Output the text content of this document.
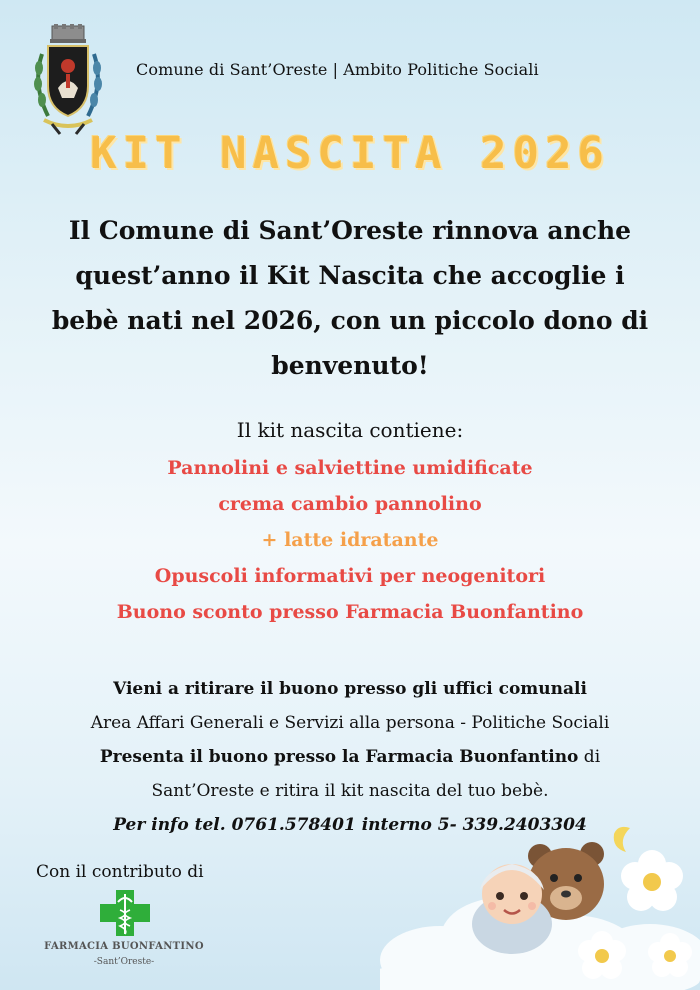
Comune di Sant’Oreste | Ambito Politiche Sociali
KIT NASCITA 2026
Il Comune di Sant’Oreste rinnova anche
quest’anno il Kit Nascita che accoglie i
bebè nati nel 2026, con un piccolo dono di
benvenuto!
Il kit nascita contiene:
Pannolini e salviettine umidificate
crema cambio pannolino
+ latte idratante
Opuscoli informativi per neogenitori
Buono sconto presso Farmacia Buonfantino
Vieni a ritirare il buono presso gli uffici comunali
Area Affari Generali e Servizi alla persona - Politiche Sociali
Presenta il buono presso la Farmacia Buonfantino di
Sant’Oreste e ritira il kit nascita del tuo bebè.
Per info tel. 0761.578401 interno 5- 339.2403304
Con il contributo di
FARMACIA BUONFANTINO
-Sant’Oreste-
